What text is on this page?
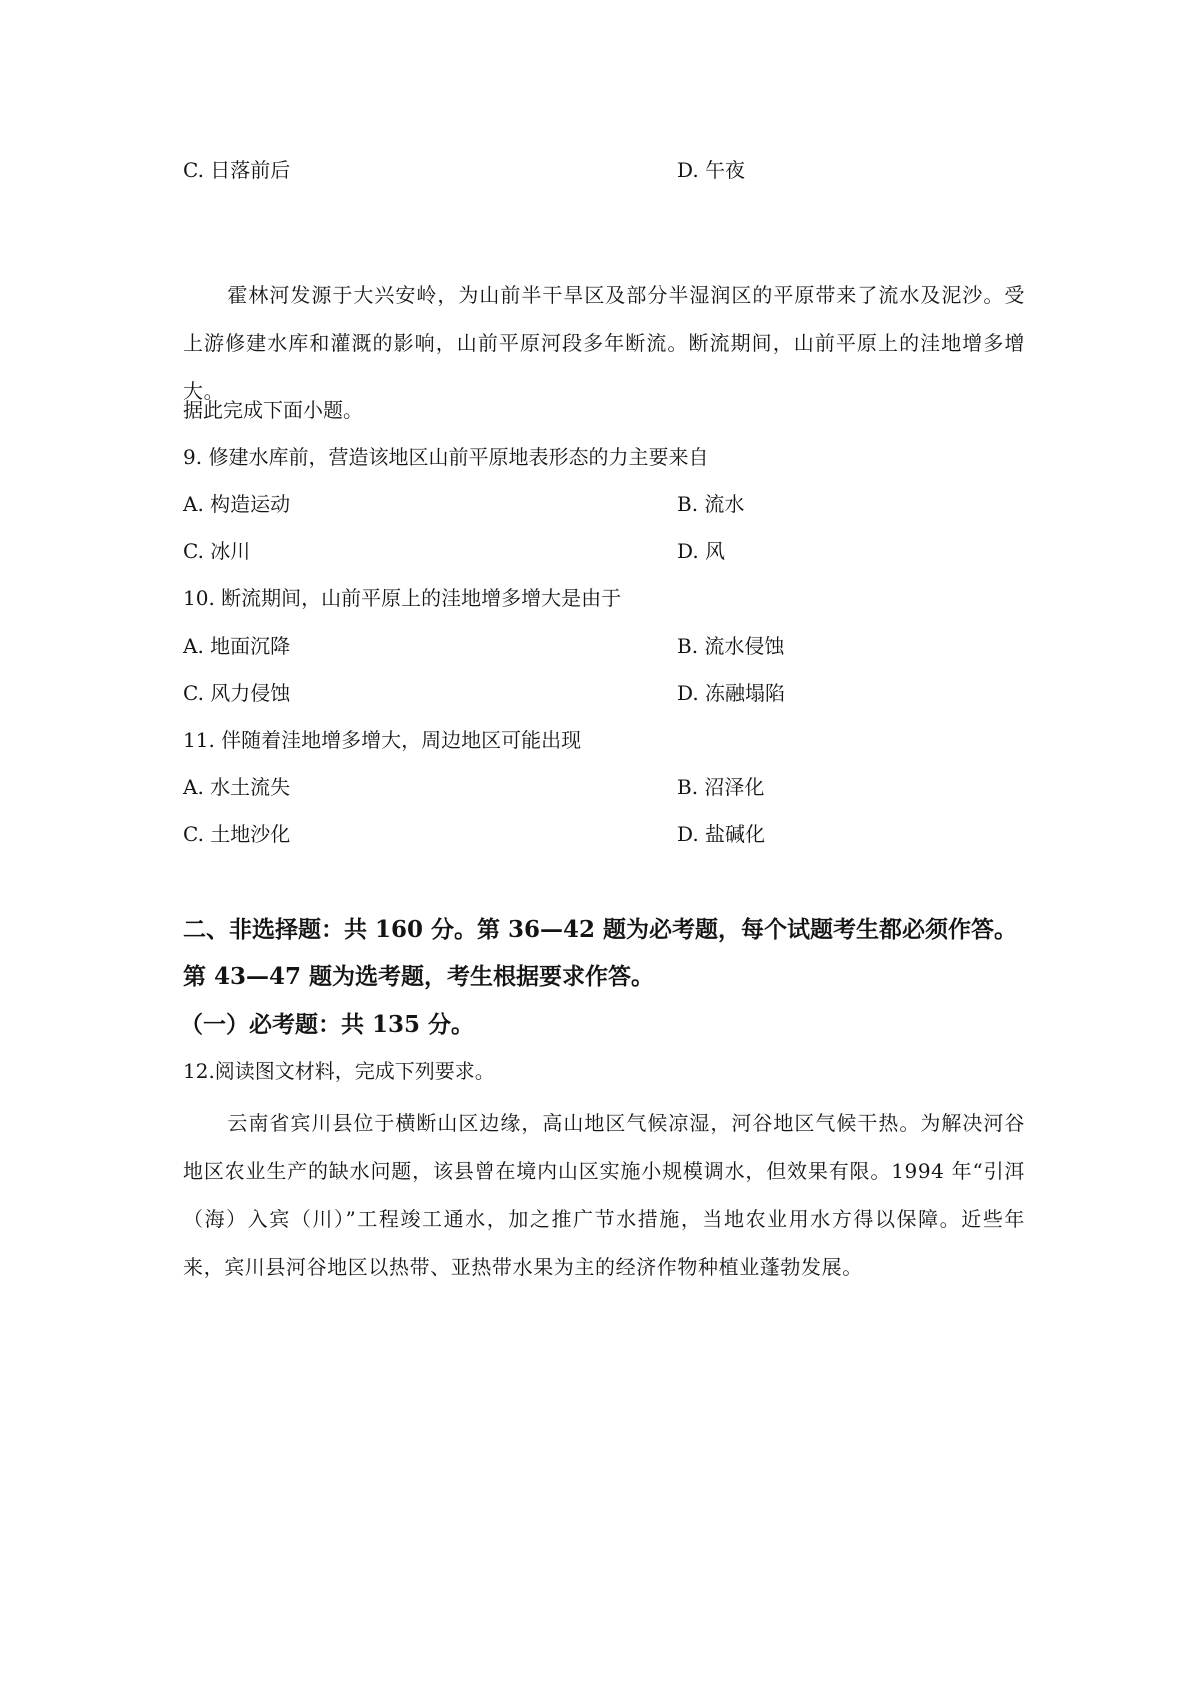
C. 日落前后	D. 午夜
霍林河发源于大兴安岭，为山前半干旱区及部分半湿润区的平原带来了流水及泥沙。受上游修建水库和灌溉的影响，山前平原河段多年断流。断流期间，山前平原上的洼地增多增大。
据此完成下面小题。
9. 修建水库前，营造该地区山前平原地表形态的力主要来自
A. 构造运动	B. 流水
C. 冰川	D. 风
10. 断流期间，山前平原上的洼地增多增大是由于
A. 地面沉降	B. 流水侵蚀
C. 风力侵蚀	D. 冻融塌陷
11. 伴随着洼地增多增大，周边地区可能出现
A. 水土流失	B. 沼泽化
C. 土地沙化	D. 盐碱化
二、非选择题：共 160 分。第 36—42 题为必考题，每个试题考生都必须作答。
第 43—47 题为选考题，考生根据要求作答。
（一）必考题：共 135 分。
12.阅读图文材料，完成下列要求。
云南省宾川县位于横断山区边缘，高山地区气候凉湿，河谷地区气候干热。为解决河谷地区农业生产的缺水问题，该县曾在境内山区实施小规模调水，但效果有限。1994 年“引洱（海）入宾（川）”工程竣工通水，加之推广节水措施，当地农业用水方得以保障。近些年来，宾川县河谷地区以热带、亚热带水果为主的经济作物种植业蓬勃发展。
